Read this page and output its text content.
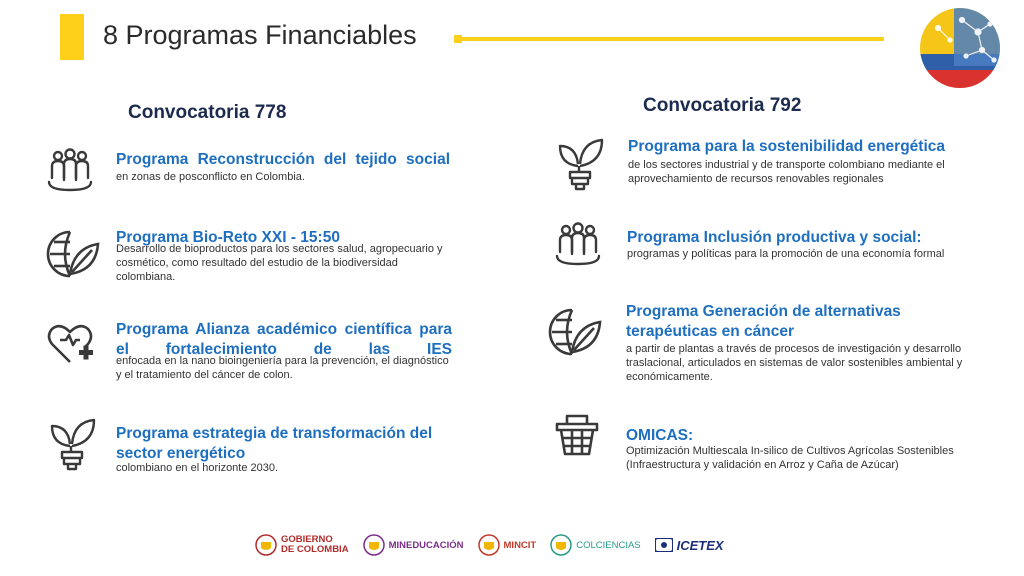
8 Programas Financiables
Convocatoria 778
Programa Reconstrucción del tejido social
en zonas de posconflicto en Colombia.
Programa Bio-Reto XXI - 15:50
Desarrollo de bioproductos para los sectores salud, agropecuario y cosmético, como resultado del estudio de la biodiversidad colombiana.
Programa Alianza académico científica para el fortalecimiento de las IES
enfocada en la nano bioingeniería para la prevención, el diagnóstico y el tratamiento del cáncer de colon.
Programa estrategia de transformación del sector energético
colombiano en el horizonte 2030.
Convocatoria 792
Programa para la sostenibilidad energética
de los sectores industrial y de transporte colombiano mediante el aprovechamiento de recursos renovables regionales
Programa Inclusión productiva y social:
programas y políticas para la promoción de una economía formal
Programa Generación de alternativas terapéuticas en cáncer
a partir de plantas a través de procesos de investigación y desarrollo traslacional, articulados en sistemas de valor sostenibles ambiental y económicamente.
OMICAS:
Optimización Multiescala In-silico de Cultivos Agrícolas Sostenibles (Infraestructura y validación en Arroz y Caña de Azúcar)
GOBIERNO
DE COLOMBIA	MINEDUCACIÓN	MINCIT	COLCIENCIAS	ICETEX
